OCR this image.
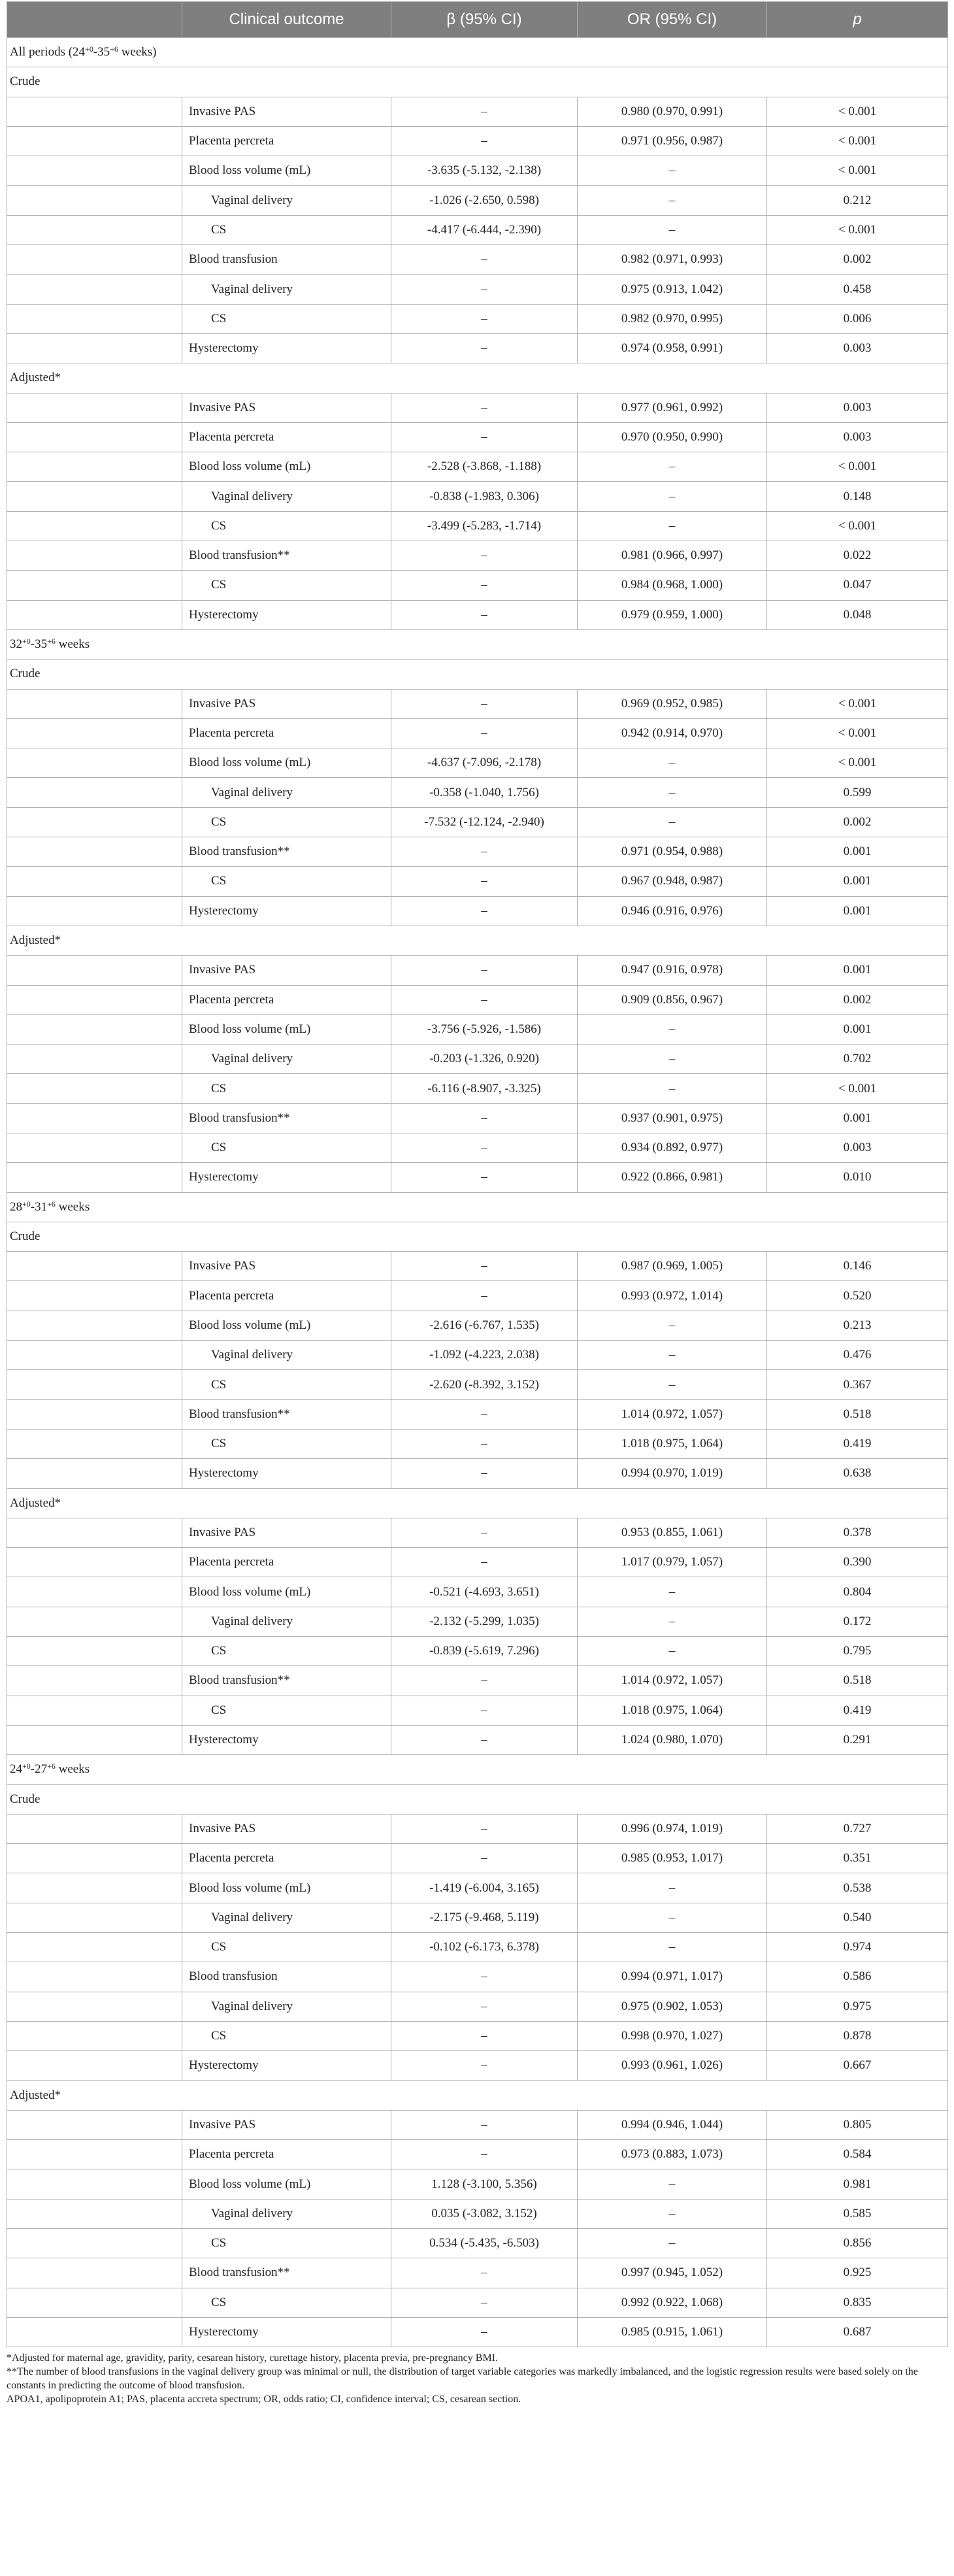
	Clinical outcome	β (95% CI)	OR (95% CI)	p
All periods ($24^{+0}-35^{+6}$ weeks)				
Crude				
	Invasive PAS	–	0.980 (0.970, 0.991)	< 0.001
	Placenta percreta	–	0.971 (0.956, 0.987)	< 0.001
	Blood loss volume (mL)	-3.635 (-5.132, -2.138)	–	< 0.001
	Vaginal delivery	-1.026 (-2.650, 0.598)	–	0.212
	CS	-4.417 (-6.444, -2.390)	–	< 0.001
	Blood transfusion	–	0.982 (0.971, 0.993)	0.002
	Vaginal delivery	–	0.975 (0.913, 1.042)	0.458
	CS	–	0.982 (0.970, 0.995)	0.006
	Hysterectomy	–	0.974 (0.958, 0.991)	0.003
Adjusted*				
	Invasive PAS	–	0.977 (0.961, 0.992)	0.003
	Placenta percreta	–	0.970 (0.950, 0.990)	0.003
	Blood loss volume (mL)	-2.528 (-3.868, -1.188)	–	< 0.001
	Vaginal delivery	-0.838 (-1.983, 0.306)	–	0.148
	CS	-3.499 (-5.283, -1.714)	–	< 0.001
	Blood transfusion**	–	0.981 (0.966, 0.997)	0.022
	CS	–	0.984 (0.968, 1.000)	0.047
	Hysterectomy	–	0.979 (0.959, 1.000)	0.048
$32^{+0}-35^{+6}$ weeks				
Crude				
	Invasive PAS	–	0.969 (0.952, 0.985)	< 0.001
	Placenta percreta	–	0.942 (0.914, 0.970)	< 0.001
	Blood loss volume (mL)	-4.637 (-7.096, -2.178)	–	< 0.001
	Vaginal delivery	-0.358 (-1.040, 1.756)	–	0.599
	CS	-7.532 (-12.124, -2.940)	–	0.002
	Blood transfusion**	–	0.971 (0.954, 0.988)	0.001
	CS	–	0.967 (0.948, 0.987)	0.001
	Hysterectomy	–	0.946 (0.916, 0.976)	0.001
Adjusted*				
	Invasive PAS	–	0.947 (0.916, 0.978)	0.001
	Placenta percreta	–	0.909 (0.856, 0.967)	0.002
	Blood loss volume (mL)	-3.756 (-5.926, -1.586)	–	0.001
	Vaginal delivery	-0.203 (-1.326, 0.920)	–	0.702
	CS	-6.116 (-8.907, -3.325)	–	< 0.001
	Blood transfusion**	–	0.937 (0.901, 0.975)	0.001
	CS	–	0.934 (0.892, 0.977)	0.003
	Hysterectomy	–	0.922 (0.866, 0.981)	0.010
$28^{+0}-31^{+6}$ weeks				
Crude				
	Invasive PAS	–	0.987 (0.969, 1.005)	0.146
	Placenta percreta	–	0.993 (0.972, 1.014)	0.520
	Blood loss volume (mL)	-2.616 (-6.767, 1.535)	–	0.213
	Vaginal delivery	-1.092 (-4.223, 2.038)	–	0.476
	CS	-2.620 (-8.392, 3.152)	–	0.367
	Blood transfusion**	–	1.014 (0.972, 1.057)	0.518
	CS	–	1.018 (0.975, 1.064)	0.419
	Hysterectomy	–	0.994 (0.970, 1.019)	0.638
Adjusted*				
	Invasive PAS	–	0.953 (0.855, 1.061)	0.378
	Placenta percreta	–	1.017 (0.979, 1.057)	0.390
	Blood loss volume (mL)	-0.521 (-4.693, 3.651)	–	0.804
	Vaginal delivery	-2.132 (-5.299, 1.035)	–	0.172
	CS	-0.839 (-5.619, 7.296)	–	0.795
	Blood transfusion**	–	1.014 (0.972, 1.057)	0.518
	CS	–	1.018 (0.975, 1.064)	0.419
	Hysterectomy	–	1.024 (0.980, 1.070)	0.291
$24^{+0}-27^{+6}$ weeks				
Crude				
	Invasive PAS	–	0.996 (0.974, 1.019)	0.727
	Placenta percreta	–	0.985 (0.953, 1.017)	0.351
	Blood loss volume (mL)	-1.419 (-6.004, 3.165)	–	0.538
	Vaginal delivery	-2.175 (-9.468, 5.119)	–	0.540
	CS	-0.102 (-6.173, 6.378)	–	0.974
	Blood transfusion	–	0.994 (0.971, 1.017)	0.586
	Vaginal delivery	–	0.975 (0.902, 1.053)	0.975
	CS	–	0.998 (0.970, 1.027)	0.878
	Hysterectomy	–	0.993 (0.961, 1.026)	0.667
Adjusted*				
	Invasive PAS	–	0.994 (0.946, 1.044)	0.805
	Placenta percreta	–	0.973 (0.883, 1.073)	0.584
	Blood loss volume (mL)	1.128 (-3.100, 5.356)	–	0.981
	Vaginal delivery	0.035 (-3.082, 3.152)	–	0.585
	CS	0.534 (-5.435, -6.503)	–	0.856
	Blood transfusion**	–	0.997 (0.945, 1.052)	0.925
	CS	–	0.992 (0.922, 1.068)	0.835
	Hysterectomy	–	0.985 (0.915, 1.061)	0.687

*Adjusted for maternal age, gravidity, parity, cesarean history, curettage history, placenta previa, pre-pregnancy BMI.

**The number of blood transfusions in the vaginal delivery group was minimal or null, the distribution of target variable categories was markedly imbalanced, and the logistic regression results were based solely on the constants in predicting the outcome of blood transfusion.

APOA1, apolipoprotein A1; PAS, placenta accreta spectrum; OR, odds ratio; CI, confidence interval; CS, cesarean section.
